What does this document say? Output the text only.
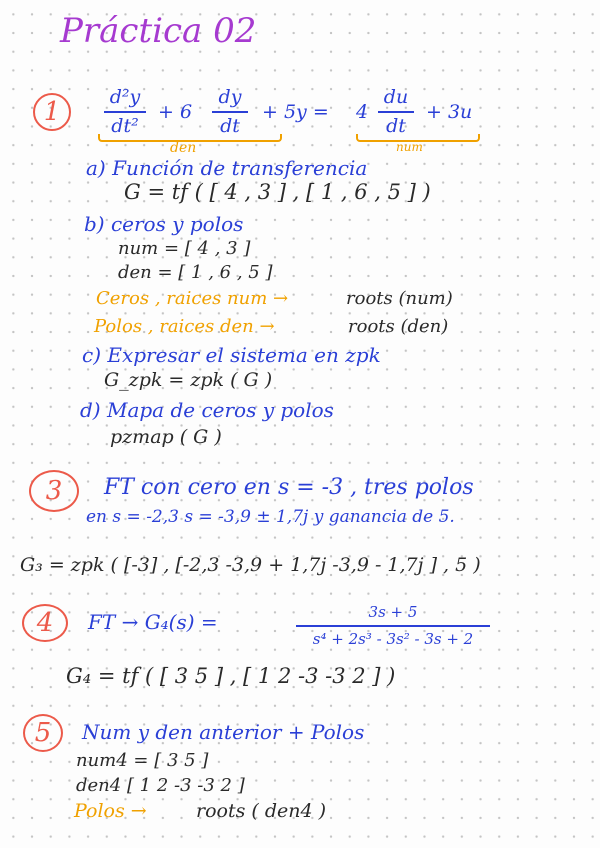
Práctica 02
1	d²y
dt²
+ 6
dy
dt
+ 5y = 4
du
dt
+ 3u
den	num
a) Función de transferencia
G = tf ( [ 4 , 3 ] , [ 1 , 6 , 5 ] )
b) ceros y polos
num = [ 4 , 3 ]
den = [ 1 , 6 , 5 ]
Ceros , raices num →	roots (num)
Polos , raices den →	roots (den)
c) Expresar el sistema en zpk
G_zpk = zpk ( G )
d) Mapa de ceros y polos
pzmap ( G )
3 FT con cero en s = -3 , tres polos
en s = -2,3 s = -3,9 ± 1,7j y ganancia de 5.
G₃ = zpk ( [-3] , [-2,3 -3,9 + 1,7j -3,9 - 1,7j ] , 5 )
4 FT → G₄(s) =	3s + 5
s⁴ + 2s³ - 3s² - 3s + 2
G₄ = tf ( [ 3 5 ] , [ 1 2 -3 -3 2 ] )
5 Num y den anterior + Polos
num4 = [ 3 5 ]
den4 [ 1 2 -3 -3 2 ]
Polos →	roots ( den4 )
